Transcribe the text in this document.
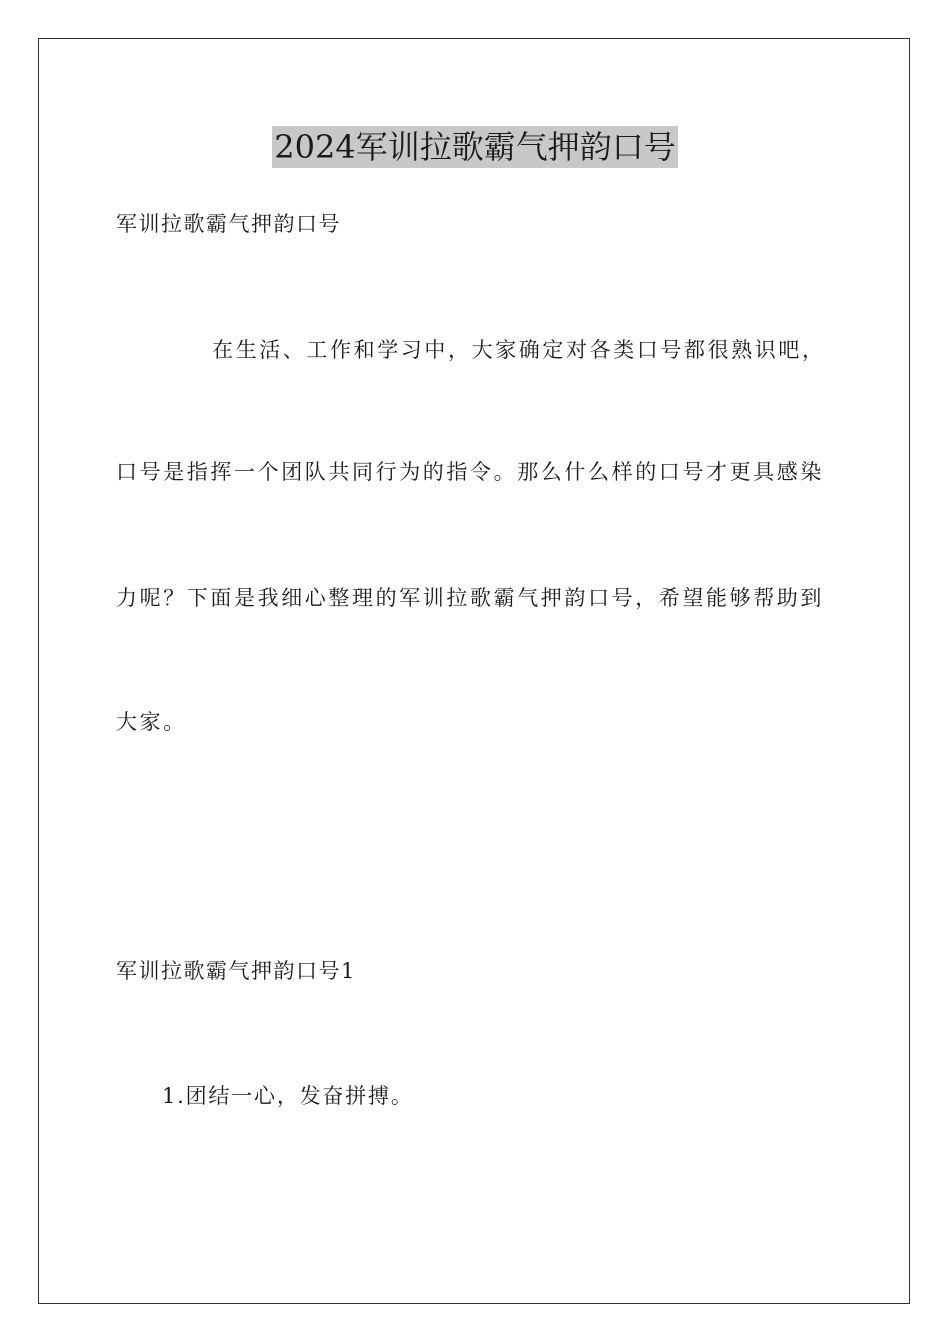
2024军训拉歌霸气押韵口号
军训拉歌霸气押韵口号
在生活、工作和学习中，大家确定对各类口号都很熟识吧，
口号是指挥一个团队共同行为的指令。那么什么样的口号才更具感染
力呢？下面是我细心整理的军训拉歌霸气押韵口号，希望能够帮助到
大家。
军训拉歌霸气押韵口号1
1.团结一心，发奋拼搏。
